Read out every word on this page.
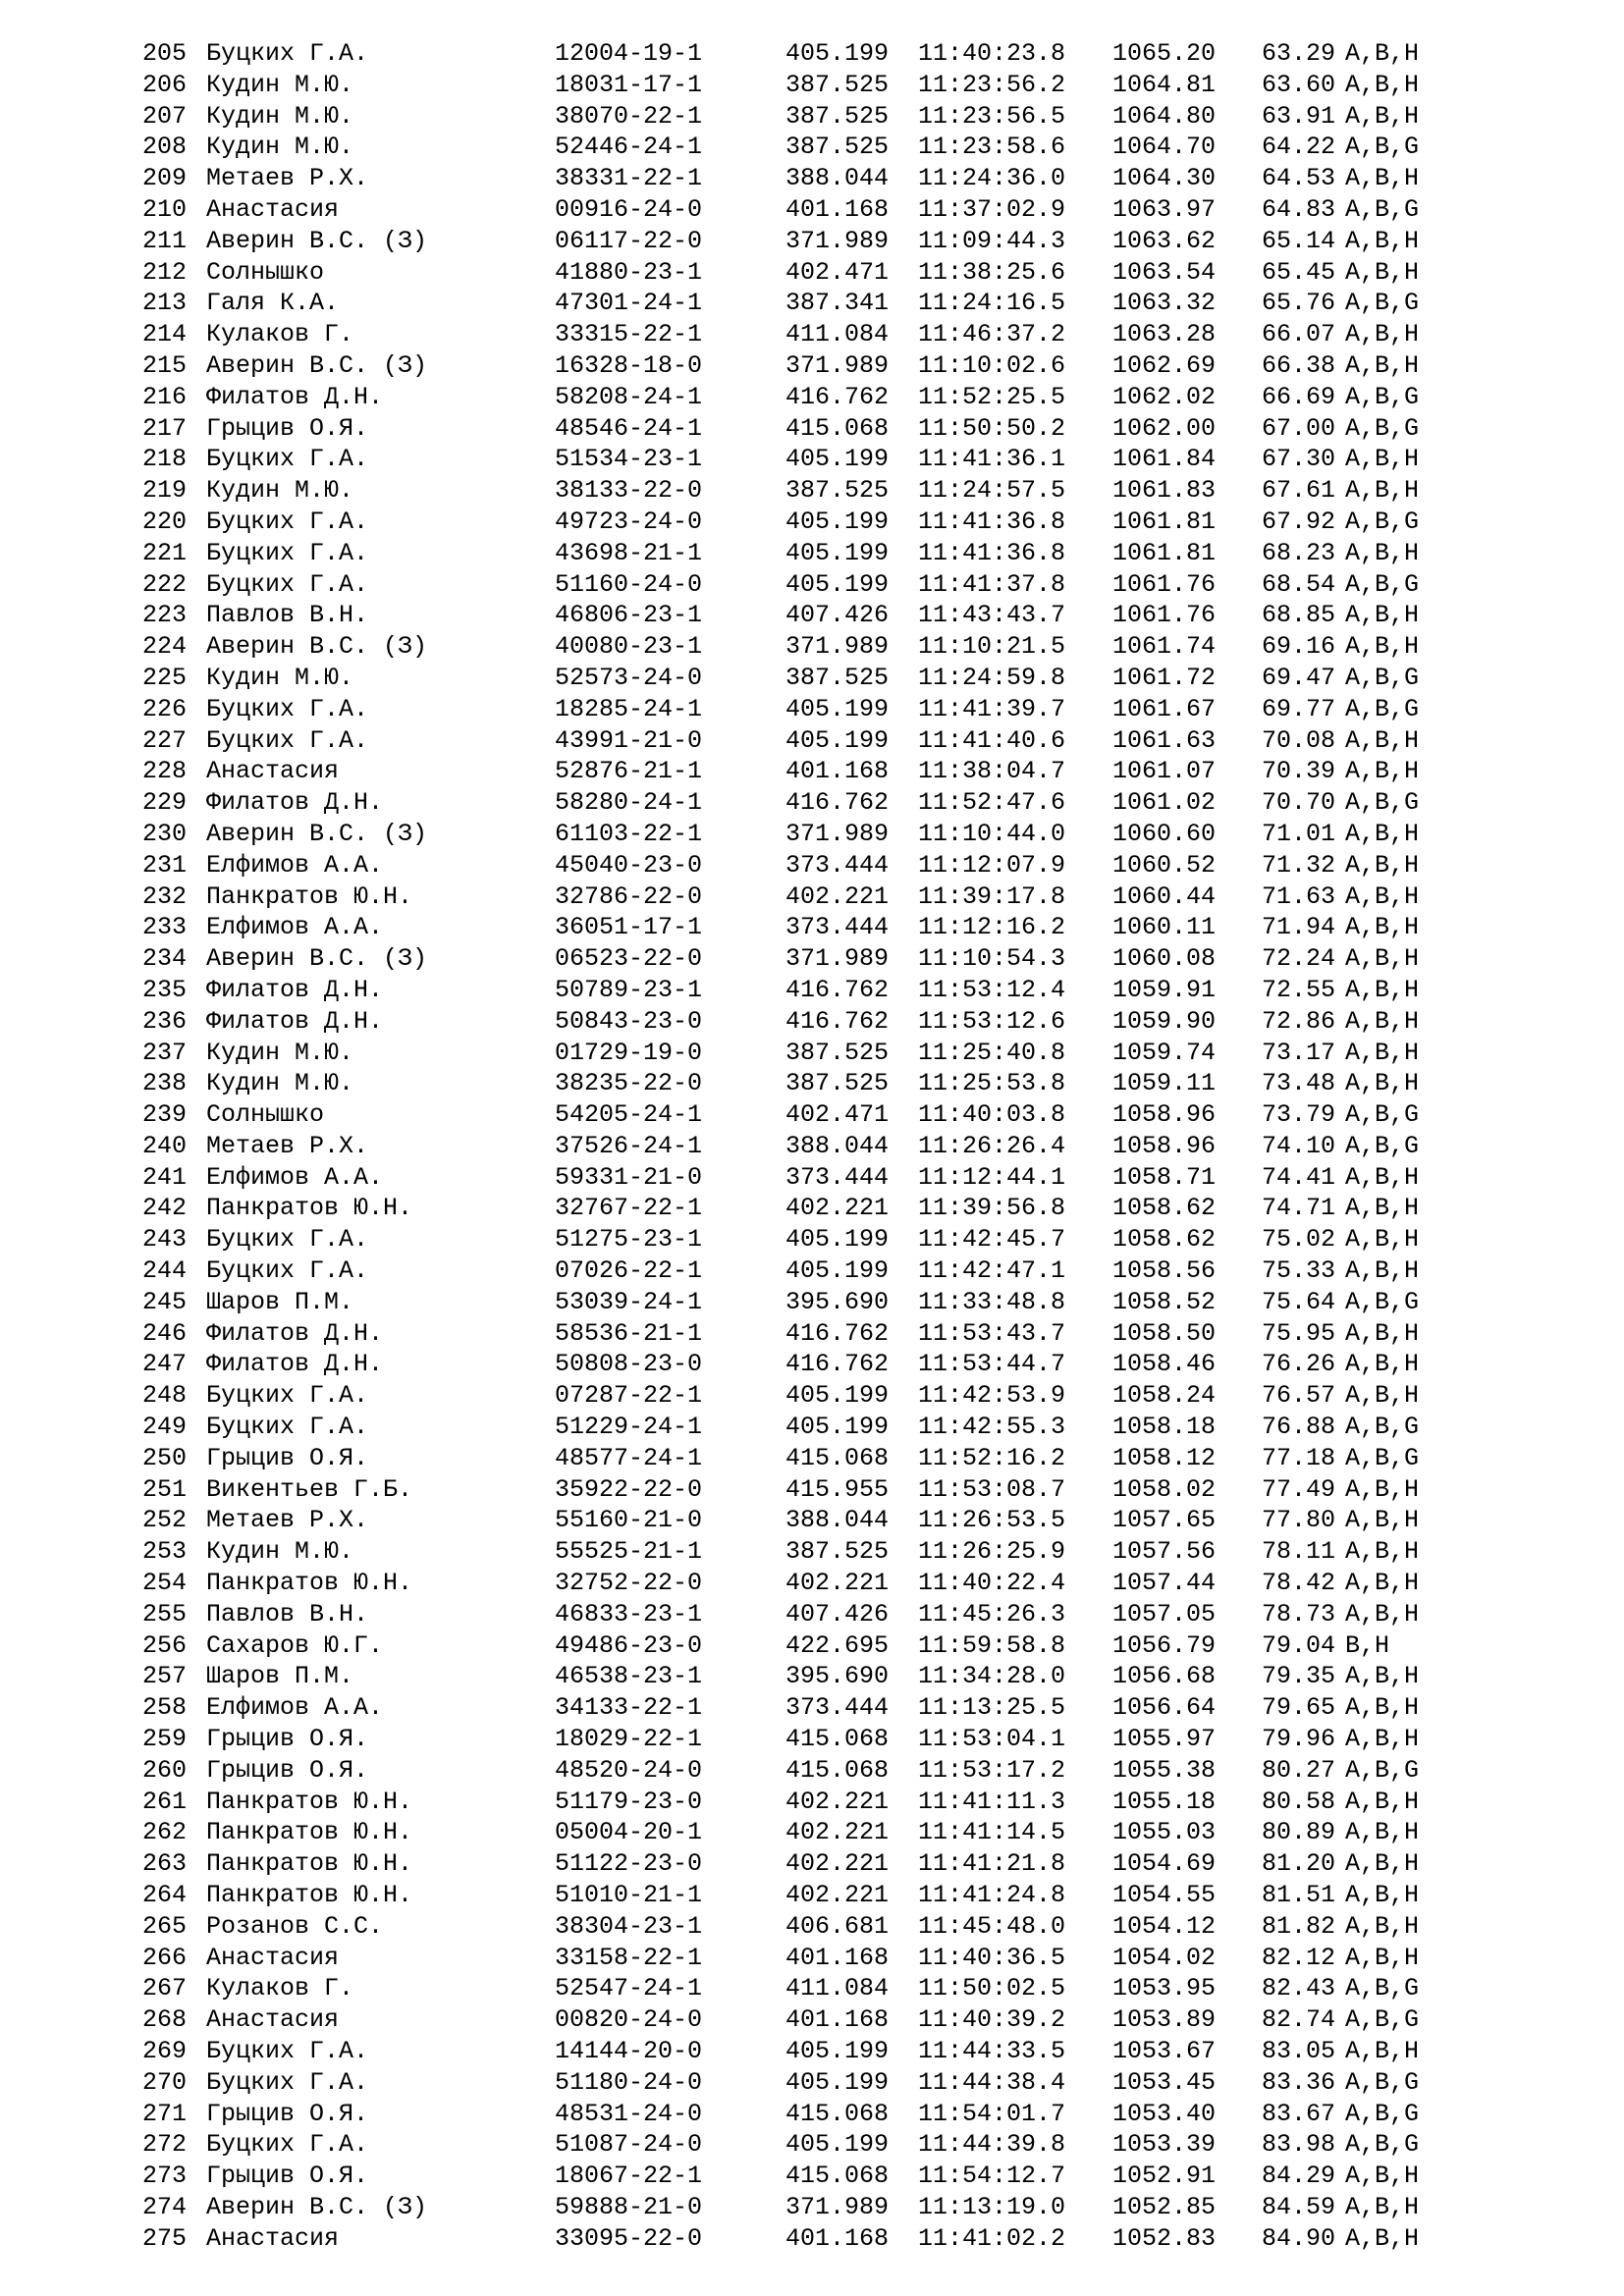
205 Буцких Г.А.	12004-19-1	405.199 11:40:23.8 1065.20 63.29 A,B,H
206 Кудин М.Ю.	18031-17-1	387.525 11:23:56.2 1064.81 63.60 A,B,H
207 Кудин М.Ю.	38070-22-1	387.525 11:23:56.5 1064.80 63.91 A,B,H
208 Кудин М.Ю.	52446-24-1	387.525 11:23:58.6 1064.70 64.22 A,B,G
209 Метаев Р.Х.	38331-22-1	388.044 11:24:36.0 1064.30 64.53 A,B,H
210 Анастасия	00916-24-0	401.168 11:37:02.9 1063.97 64.83 A,B,G
211 Аверин В.С. (З)	06117-22-0	371.989 11:09:44.3 1063.62 65.14 A,B,H
212 Солнышко	41880-23-1	402.471 11:38:25.6 1063.54 65.45 A,B,H
213 Галя К.А.	47301-24-1	387.341 11:24:16.5 1063.32 65.76 A,B,G
214 Кулаков Г.	33315-22-1	411.084 11:46:37.2 1063.28 66.07 A,B,H
215 Аверин В.С. (З)	16328-18-0	371.989 11:10:02.6 1062.69 66.38 A,B,H
216 Филатов Д.Н.	58208-24-1	416.762 11:52:25.5 1062.02 66.69 A,B,G
217 Грыцив О.Я.	48546-24-1	415.068 11:50:50.2 1062.00 67.00 A,B,G
218 Буцких Г.А.	51534-23-1	405.199 11:41:36.1 1061.84 67.30 A,B,H
219 Кудин М.Ю.	38133-22-0	387.525 11:24:57.5 1061.83 67.61 A,B,H
220 Буцких Г.А.	49723-24-0	405.199 11:41:36.8 1061.81 67.92 A,B,G
221 Буцких Г.А.	43698-21-1	405.199 11:41:36.8 1061.81 68.23 A,B,H
222 Буцких Г.А.	51160-24-0	405.199 11:41:37.8 1061.76 68.54 A,B,G
223 Павлов В.Н.	46806-23-1	407.426 11:43:43.7 1061.76 68.85 A,B,H
224 Аверин В.С. (З)	40080-23-1	371.989 11:10:21.5 1061.74 69.16 A,B,H
225 Кудин М.Ю.	52573-24-0	387.525 11:24:59.8 1061.72 69.47 A,B,G
226 Буцких Г.А.	18285-24-1	405.199 11:41:39.7 1061.67 69.77 A,B,G
227 Буцких Г.А.	43991-21-0	405.199 11:41:40.6 1061.63 70.08 A,B,H
228 Анастасия	52876-21-1	401.168 11:38:04.7 1061.07 70.39 A,B,H
229 Филатов Д.Н.	58280-24-1	416.762 11:52:47.6 1061.02 70.70 A,B,G
230 Аверин В.С. (З)	61103-22-1	371.989 11:10:44.0 1060.60 71.01 A,B,H
231 Елфимов А.А.	45040-23-0	373.444 11:12:07.9 1060.52 71.32 A,B,H
232 Панкратов Ю.Н.	32786-22-0	402.221 11:39:17.8 1060.44 71.63 A,B,H
233 Елфимов А.А.	36051-17-1	373.444 11:12:16.2 1060.11 71.94 A,B,H
234 Аверин В.С. (З)	06523-22-0	371.989 11:10:54.3 1060.08 72.24 A,B,H
235 Филатов Д.Н.	50789-23-1	416.762 11:53:12.4 1059.91 72.55 A,B,H
236 Филатов Д.Н.	50843-23-0	416.762 11:53:12.6 1059.90 72.86 A,B,H
237 Кудин М.Ю.	01729-19-0	387.525 11:25:40.8 1059.74 73.17 A,B,H
238 Кудин М.Ю.	38235-22-0	387.525 11:25:53.8 1059.11 73.48 A,B,H
239 Солнышко	54205-24-1	402.471 11:40:03.8 1058.96 73.79 A,B,G
240 Метаев Р.Х.	37526-24-1	388.044 11:26:26.4 1058.96 74.10 A,B,G
241 Елфимов А.А.	59331-21-0	373.444 11:12:44.1 1058.71 74.41 A,B,H
242 Панкратов Ю.Н.	32767-22-1	402.221 11:39:56.8 1058.62 74.71 A,B,H
243 Буцких Г.А.	51275-23-1	405.199 11:42:45.7 1058.62 75.02 A,B,H
244 Буцких Г.А.	07026-22-1	405.199 11:42:47.1 1058.56 75.33 A,B,H
245 Шаров П.М.	53039-24-1	395.690 11:33:48.8 1058.52 75.64 A,B,G
246 Филатов Д.Н.	58536-21-1	416.762 11:53:43.7 1058.50 75.95 A,B,H
247 Филатов Д.Н.	50808-23-0	416.762 11:53:44.7 1058.46 76.26 A,B,H
248 Буцких Г.А.	07287-22-1	405.199 11:42:53.9 1058.24 76.57 A,B,H
249 Буцких Г.А.	51229-24-1	405.199 11:42:55.3 1058.18 76.88 A,B,G
250 Грыцив О.Я.	48577-24-1	415.068 11:52:16.2 1058.12 77.18 A,B,G
251 Викентьев Г.Б.	35922-22-0	415.955 11:53:08.7 1058.02 77.49 A,B,H
252 Метаев Р.Х.	55160-21-0	388.044 11:26:53.5 1057.65 77.80 A,B,H
253 Кудин М.Ю.	55525-21-1	387.525 11:26:25.9 1057.56 78.11 A,B,H
254 Панкратов Ю.Н.	32752-22-0	402.221 11:40:22.4 1057.44 78.42 A,B,H
255 Павлов В.Н.	46833-23-1	407.426 11:45:26.3 1057.05 78.73 A,B,H
256 Сахаров Ю.Г.	49486-23-0	422.695 11:59:58.8 1056.79 79.04 B,H
257 Шаров П.М.	46538-23-1	395.690 11:34:28.0 1056.68 79.35 A,B,H
258 Елфимов А.А.	34133-22-1	373.444 11:13:25.5 1056.64 79.65 A,B,H
259 Грыцив О.Я.	18029-22-1	415.068 11:53:04.1 1055.97 79.96 A,B,H
260 Грыцив О.Я.	48520-24-0	415.068 11:53:17.2 1055.38 80.27 A,B,G
261 Панкратов Ю.Н.	51179-23-0	402.221 11:41:11.3 1055.18 80.58 A,B,H
262 Панкратов Ю.Н.	05004-20-1	402.221 11:41:14.5 1055.03 80.89 A,B,H
263 Панкратов Ю.Н.	51122-23-0	402.221 11:41:21.8 1054.69 81.20 A,B,H
264 Панкратов Ю.Н.	51010-21-1	402.221 11:41:24.8 1054.55 81.51 A,B,H
265 Розанов С.С.	38304-23-1	406.681 11:45:48.0 1054.12 81.82 A,B,H
266 Анастасия	33158-22-1	401.168 11:40:36.5 1054.02 82.12 A,B,H
267 Кулаков Г.	52547-24-1	411.084 11:50:02.5 1053.95 82.43 A,B,G
268 Анастасия	00820-24-0	401.168 11:40:39.2 1053.89 82.74 A,B,G
269 Буцких Г.А.	14144-20-0	405.199 11:44:33.5 1053.67 83.05 A,B,H
270 Буцких Г.А.	51180-24-0	405.199 11:44:38.4 1053.45 83.36 A,B,G
271 Грыцив О.Я.	48531-24-0	415.068 11:54:01.7 1053.40 83.67 A,B,G
272 Буцких Г.А.	51087-24-0	405.199 11:44:39.8 1053.39 83.98 A,B,G
273 Грыцив О.Я.	18067-22-1	415.068 11:54:12.7 1052.91 84.29 A,B,H
274 Аверин В.С. (З)	59888-21-0	371.989 11:13:19.0 1052.85 84.59 A,B,H
275 Анастасия	33095-22-0	401.168 11:41:02.2 1052.83 84.90 A,B,H
